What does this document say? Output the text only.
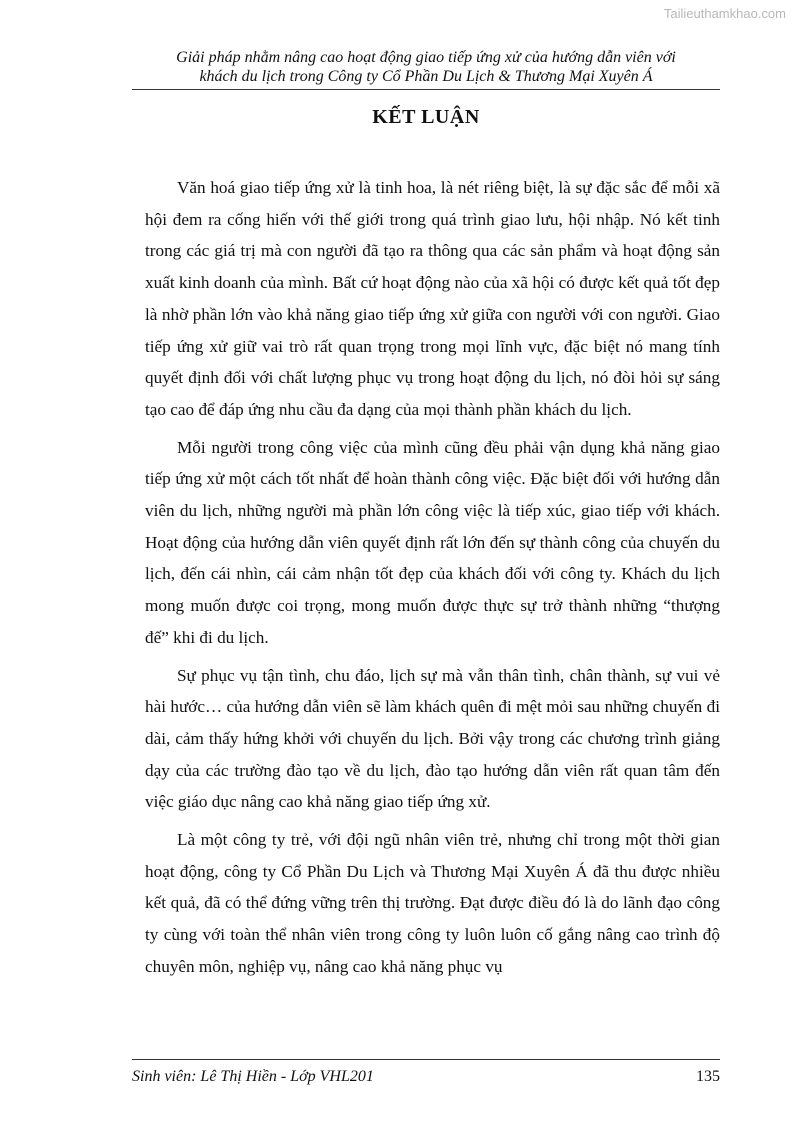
Tailieuthamkhao.com
Giải pháp nhằm nâng cao hoạt động giao tiếp ứng xử của hướng dẫn viên với
khách du lịch trong Công ty Cổ Phần Du Lịch & Thương Mại Xuyên Á
KẾT LUẬN

Văn hoá giao tiếp ứng xử là tinh hoa, là nét riêng biệt, là sự đặc sắc để mỗi xã hội đem ra cống hiến với thế giới trong quá trình giao lưu, hội nhập. Nó kết tinh trong các giá trị mà con người đã tạo ra thông qua các sản phẩm và hoạt động sản xuất kinh doanh của mình. Bất cứ hoạt động nào của xã hội có được kết quả tốt đẹp là nhờ phần lớn vào khả năng giao tiếp ứng xử giữa con người với con người. Giao tiếp ứng xử giữ vai trò rất quan trọng trong mọi lĩnh vực, đặc biệt nó mang tính quyết định đối với chất lượng phục vụ trong hoạt động du lịch, nó đòi hỏi sự sáng tạo cao để đáp ứng nhu cầu đa dạng của mọi thành phần khách du lịch.

Mỗi người trong công việc của mình cũng đều phải vận dụng khả năng giao tiếp ứng xử một cách tốt nhất để hoàn thành công việc. Đặc biệt đối với hướng dẫn viên du lịch, những người mà phần lớn công việc là tiếp xúc, giao tiếp với khách. Hoạt động của hướng dẫn viên quyết định rất lớn đến sự thành công của chuyến du lịch, đến cái nhìn, cái cảm nhận tốt đẹp của khách đối với công ty. Khách du lịch mong muốn được coi trọng, mong muốn được thực sự trở thành những “thượng đế” khi đi du lịch.

Sự phục vụ tận tình, chu đáo, lịch sự mà vẫn thân tình, chân thành, sự vui vẻ hài hước… của hướng dẫn viên sẽ làm khách quên đi mệt mỏi sau những chuyến đi dài, cảm thấy hứng khởi với chuyến du lịch. Bởi vậy trong các chương trình giảng dạy của các trường đào tạo về du lịch, đào tạo hướng dẫn viên rất quan tâm đến việc giáo dục nâng cao khả năng giao tiếp ứng xử.

Là một công ty trẻ, với đội ngũ nhân viên trẻ, nhưng chỉ trong một thời gian hoạt động, công ty Cổ Phần Du Lịch và Thương Mại Xuyên Á đã thu được nhiều kết quả, đã có thể đứng vững trên thị trường. Đạt được điều đó là do lãnh đạo công ty cùng với toàn thể nhân viên trong công ty luôn luôn cố gắng nâng cao trình độ chuyên môn, nghiệp vụ, nâng cao khả năng phục vụ

Sinh viên: Lê Thị Hiền - Lớp VHL201	135
